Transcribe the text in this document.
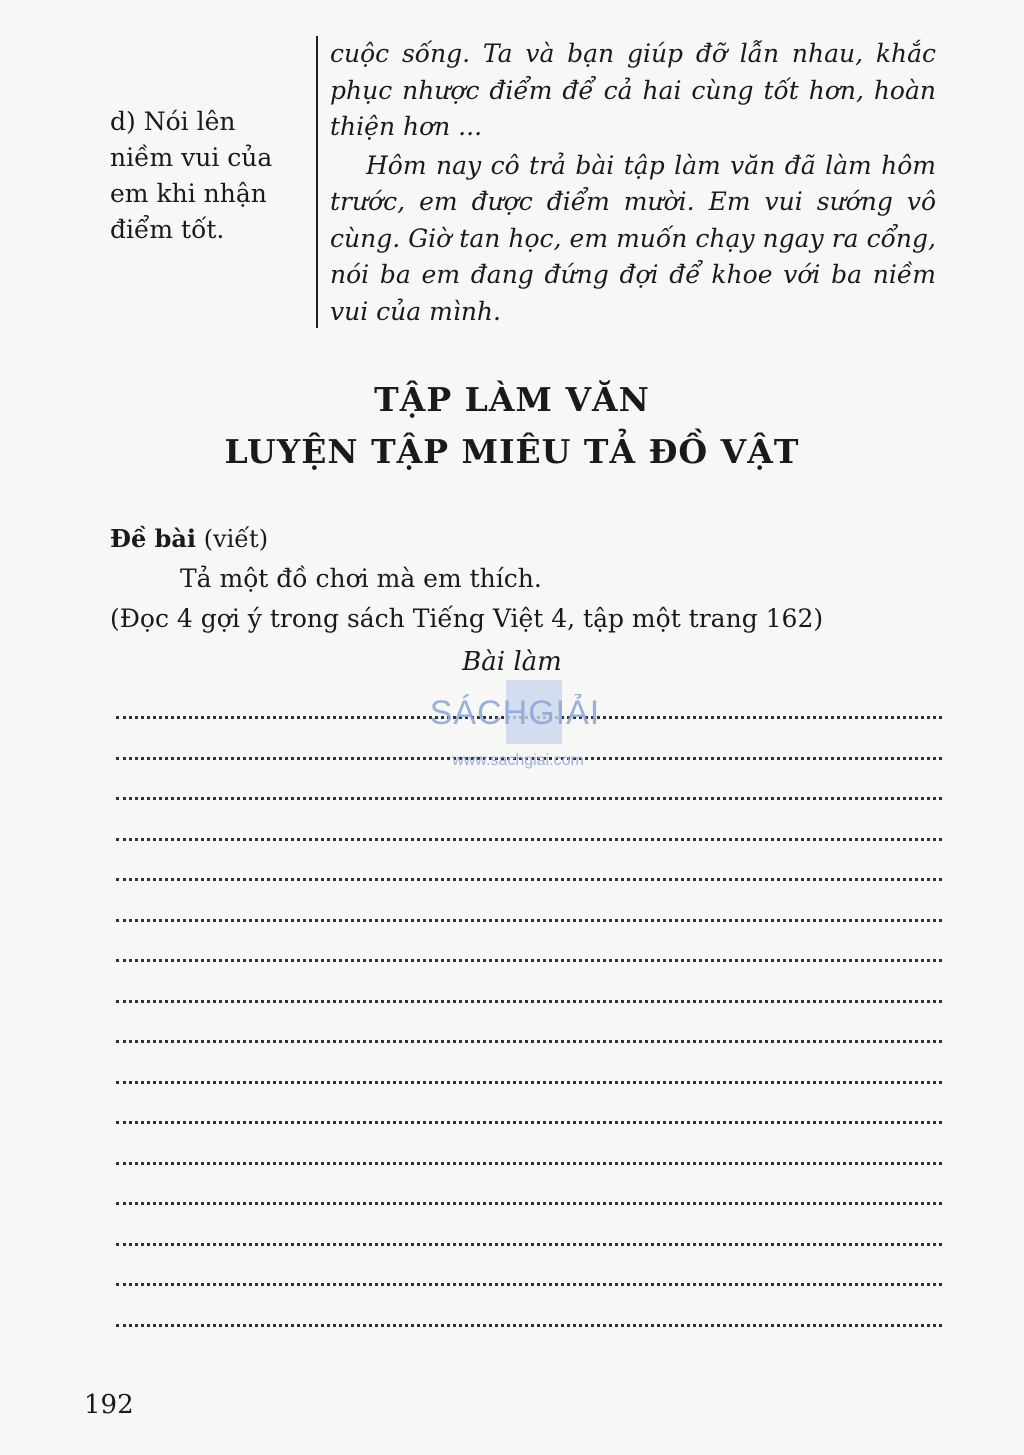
d) Nói lên
niềm vui của
em khi nhận
điểm tốt.

cuộc sống. Ta và bạn giúp đỡ lẫn nhau, khắc phục nhược điểm để cả hai cùng tốt hơn, hoàn thiện hơn ...

Hôm nay cô trả bài tập làm văn đã làm hôm trước, em được điểm mười. Em vui sướng vô cùng. Giờ tan học, em muốn chạy ngay ra cổng, nói ba em đang đứng đợi để khoe với ba niềm vui của mình.

TẬP LÀM VĂN
LUYỆN TẬP MIÊU TẢ ĐỒ VẬT
Đề bài (viết)
Tả một đồ chơi mà em thích.
(Đọc 4 gợi ý trong sách Tiếng Việt 4, tập một trang 162)
Bài làm
SÁCHGIẢI
www.sachgiai.com
192
